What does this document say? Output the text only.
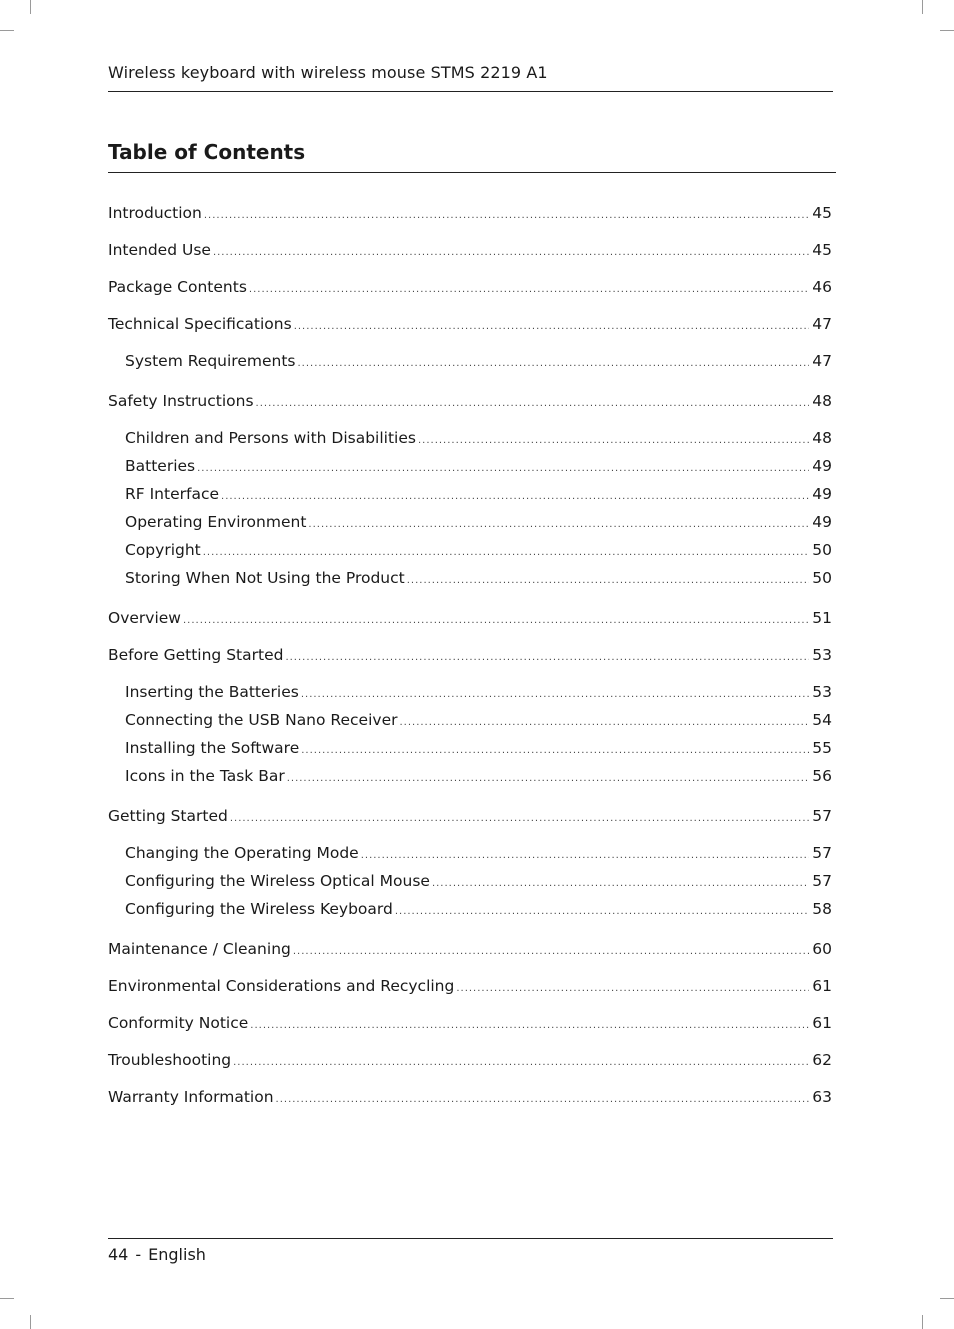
Wireless keyboard with wireless mouse STMS 2219 A1
Table of Contents
Introduction .....	45
Intended Use .....	45
Package Contents .....	46
Technical Specifications .....	47
System Requirements .....	47
Safety Instructions .....	48
Children and Persons with Disabilities .....	48
Batteries .....	49
RF Interface .....	49
Operating Environment .....	49
Copyright .....	50
Storing When Not Using the Product .....	50
Overview .....	51
Before Getting Started .....	53
Inserting the Batteries .....	53
Connecting the USB Nano Receiver .....	54
Installing the Software .....	55
Icons in the Task Bar .....	56
Getting Started .....	57
Changing the Operating Mode .....	57
Configuring the Wireless Optical Mouse .....	57
Configuring the Wireless Keyboard .....	58
Maintenance / Cleaning .....	60
Environmental Considerations and Recycling .....	61
Conformity Notice .....	61
Troubleshooting .....	62
Warranty Information .....	63
44 - English
